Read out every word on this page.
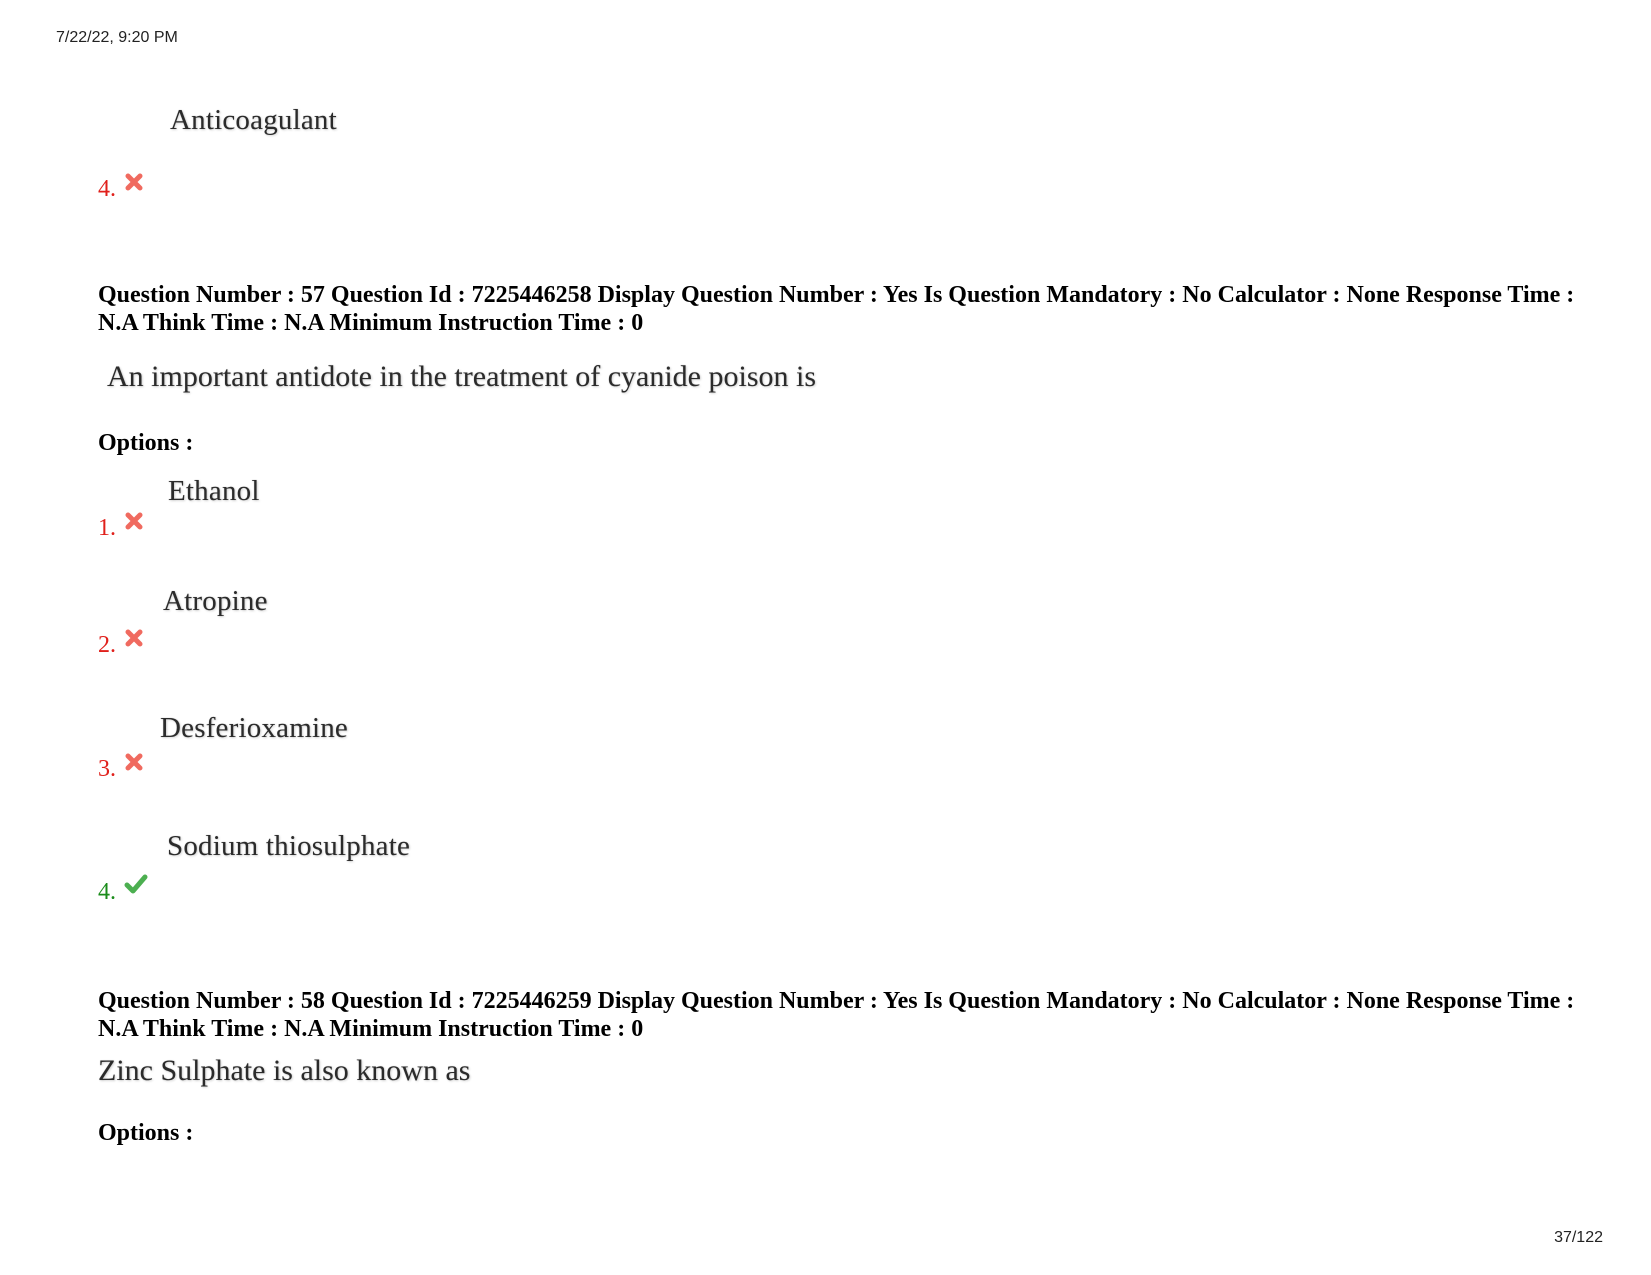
7/22/22, 9:20 PM
37/122
Anticoagulant
4.
Question Number : 57 Question Id : 7225446258 Display Question Number : Yes Is Question Mandatory : No Calculator : None Response Time : N.A Think Time : N.A Minimum Instruction Time : 0
An important antidote in the treatment of cyanide poison is
Options :
Ethanol
1.
Atropine
2.
Desferioxamine
3.
Sodium thiosulphate
4.
Question Number : 58 Question Id : 7225446259 Display Question Number : Yes Is Question Mandatory : No Calculator : None Response Time : N.A Think Time : N.A Minimum Instruction Time : 0
Zinc Sulphate is also known as
Options :
